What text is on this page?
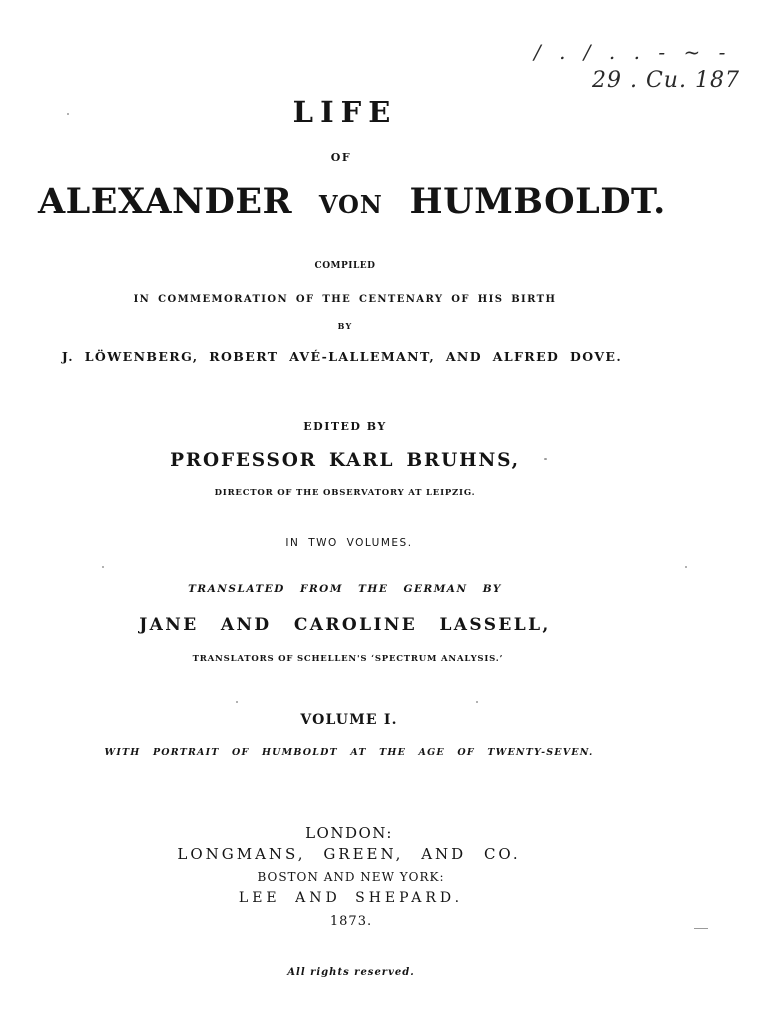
/ . / . . - ~ -
29 . Cu. 187
LIFE
OF
ALEXANDER VON HUMBOLDT.
COMPILED
IN COMMEMORATION OF THE CENTENARY OF HIS BIRTH
BY
J. LÖWENBERG, ROBERT AVÉ-LALLEMANT, AND ALFRED DOVE.
EDITED BY
PROFESSOR KARL BRUHNS,
DIRECTOR OF THE OBSERVATORY AT LEIPZIG.
IN TWO VOLUMES.
TRANSLATED FROM THE GERMAN BY
JANE AND CAROLINE LASSELL,
TRANSLATORS OF SCHELLEN'S ‘SPECTRUM ANALYSIS.’
VOLUME I.
WITH PORTRAIT OF HUMBOLDT AT THE AGE OF TWENTY-SEVEN.
LONDON:
LONGMANS, GREEN, AND CO.
BOSTON AND NEW YORK:
LEE AND SHEPARD.
1873.
All rights reserved.
